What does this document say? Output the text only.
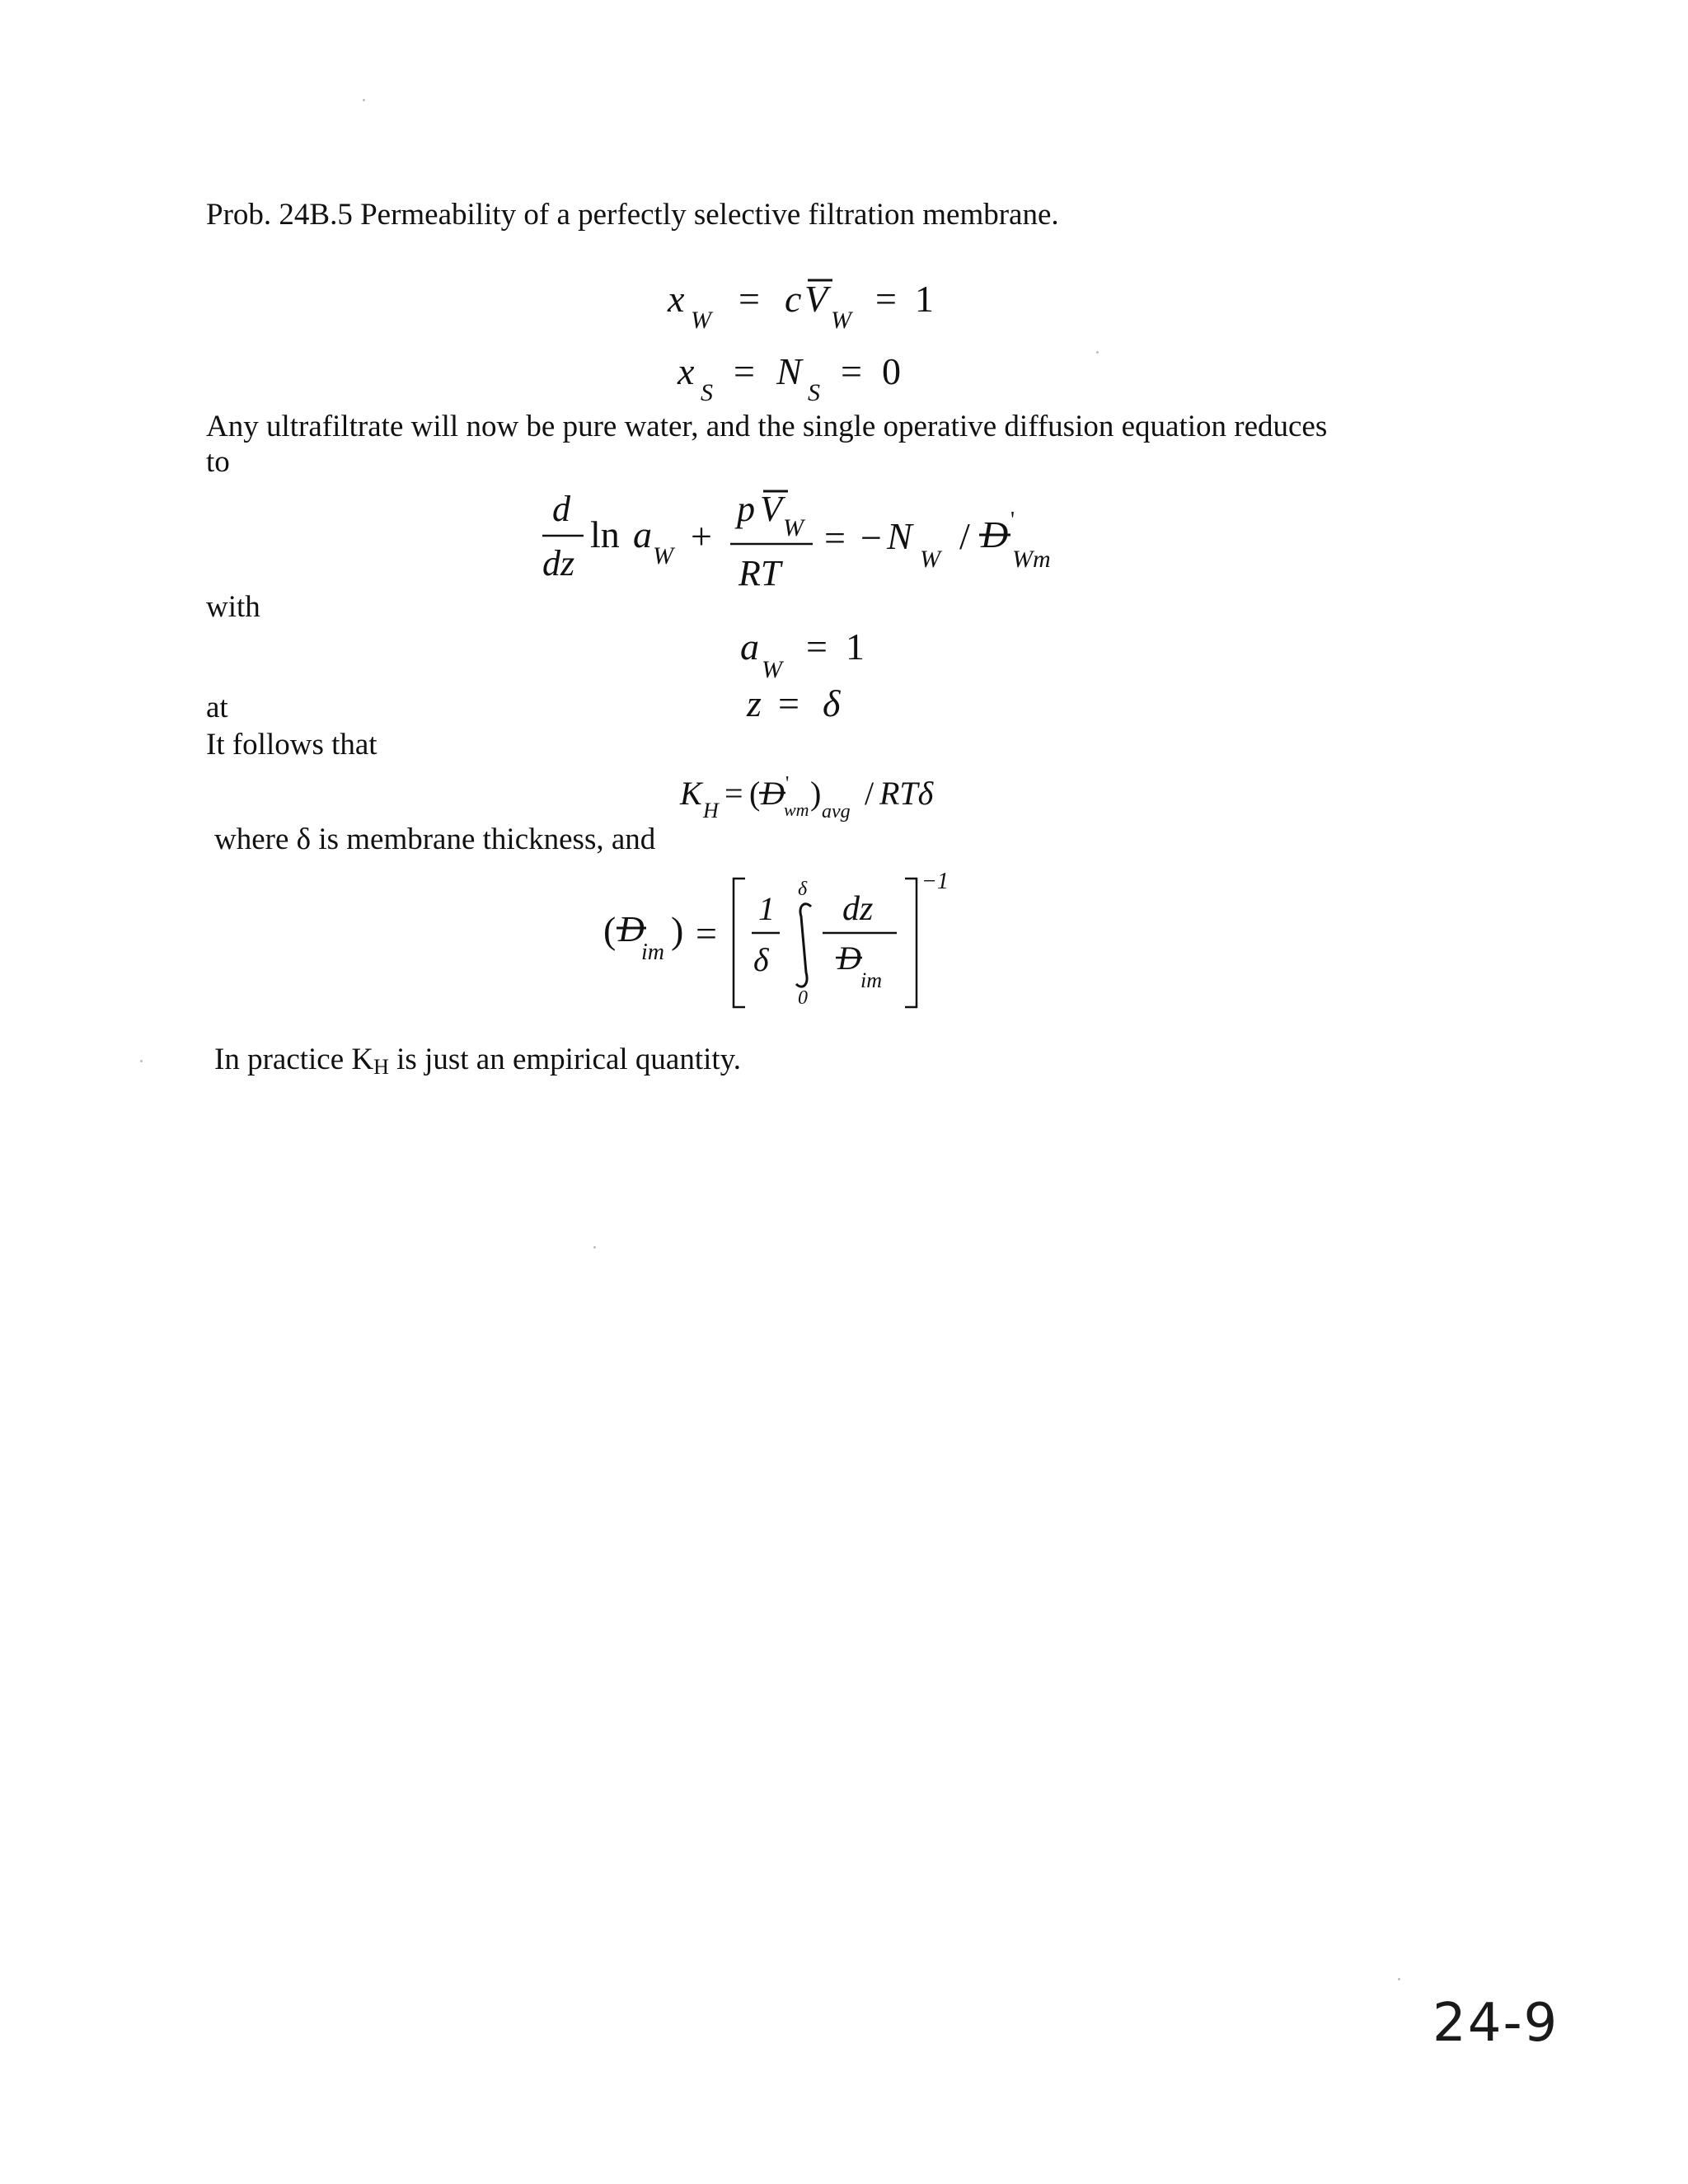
Prob. 24B.5 Permeability of a perfectly selective filtration membrane.
x
W
= c V
W
= 1
x
S
= N
S
= 0
Any ultrafiltrate will now be pure water, and the single operative diffusion equation reduces to
d
dz
ln a
W +
p V W
RT
= − N
W
/ D '
Wm
with
a
W
= 1
at	z = δ
It follows that
K H = ( D '
wm ) avg / RTδ
where δ is membrane thickness, and
( D
im
) =
1
δ
δ
0
dz
D
im
−1
In practice KH is just an empirical quantity.
24-9
